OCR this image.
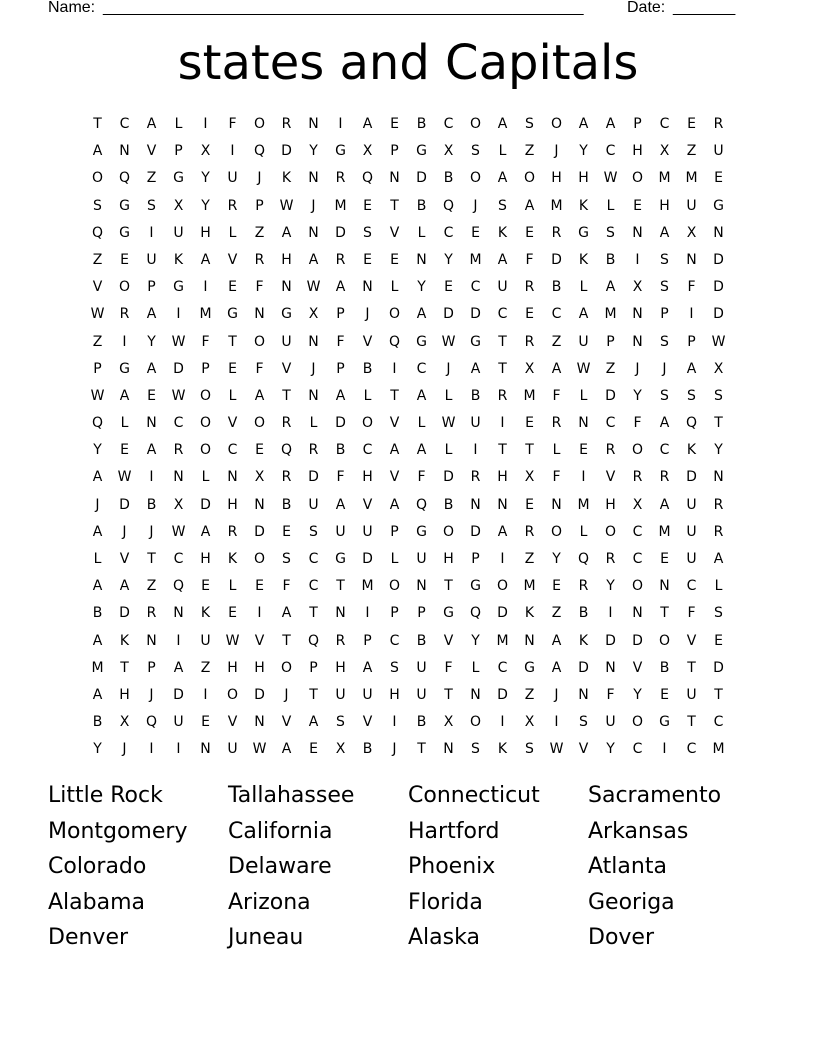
Name: ______________________________________________________	Date: _______
states and Capitals
T	C	A	L	I	F	O	R	N	I	A	E	B	C	O	A	S	O	A	A	P	C	E	R
A	N	V	P	X	I	Q	D	Y	G	X	P	G	X	S	L	Z	J	Y	C	H	X	Z	U
O	Q	Z	G	Y	U	J	K	N	R	Q	N	D	B	O	A	O	H	H	W	O	M	M	E
S	G	S	X	Y	R	P	W	J	M	E	T	B	Q	J	S	A	M	K	L	E	H	U	G
Q	G	I	U	H	L	Z	A	N	D	S	V	L	C	E	K	E	R	G	S	N	A	X	N
Z	E	U	K	A	V	R	H	A	R	E	E	N	Y	M	A	F	D	K	B	I	S	N	D
V	O	P	G	I	E	F	N	W	A	N	L	Y	E	C	U	R	B	L	A	X	S	F	D
W	R	A	I	M	G	N	G	X	P	J	O	A	D	D	C	E	C	A	M	N	P	I	D
Z	I	Y	W	F	T	O	U	N	F	V	Q	G	W	G	T	R	Z	U	P	N	S	P	W
P	G	A	D	P	E	F	V	J	P	B	I	C	J	A	T	X	A	W	Z	J	J	A	X
W	A	E	W	O	L	A	T	N	A	L	T	A	L	B	R	M	F	L	D	Y	S	S	S
Q	L	N	C	O	V	O	R	L	D	O	V	L	W	U	I	E	R	N	C	F	A	Q	T
Y	E	A	R	O	C	E	Q	R	B	C	A	A	L	I	T	T	L	E	R	O	C	K	Y
A	W	I	N	L	N	X	R	D	F	H	V	F	D	R	H	X	F	I	V	R	R	D	N
J	D	B	X	D	H	N	B	U	A	V	A	Q	B	N	N	E	N	M	H	X	A	U	R
A	J	J	W	A	R	D	E	S	U	U	P	G	O	D	A	R	O	L	O	C	M	U	R
L	V	T	C	H	K	O	S	C	G	D	L	U	H	P	I	Z	Y	Q	R	C	E	U	A
A	A	Z	Q	E	L	E	F	C	T	M	O	N	T	G	O	M	E	R	Y	O	N	C	L
B	D	R	N	K	E	I	A	T	N	I	P	P	G	Q	D	K	Z	B	I	N	T	F	S
A	K	N	I	U	W	V	T	Q	R	P	C	B	V	Y	M	N	A	K	D	D	O	V	E
M	T	P	A	Z	H	H	O	P	H	A	S	U	F	L	C	G	A	D	N	V	B	T	D
A	H	J	D	I	O	D	J	T	U	U	H	U	T	N	D	Z	J	N	F	Y	E	U	T
B	X	Q	U	E	V	N	V	A	S	V	I	B	X	O	I	X	I	S	U	O	G	T	C
Y	J	I	I	N	U	W	A	E	X	B	J	T	N	S	K	S	W	V	Y	C	I	C	M
Little Rock	Tallahassee	Connecticut	Sacramento
Montgomery	California	Hartford	Arkansas
Colorado	Delaware	Phoenix	Atlanta
Alabama	Arizona	Florida	Georiga
Denver	Juneau	Alaska	Dover
